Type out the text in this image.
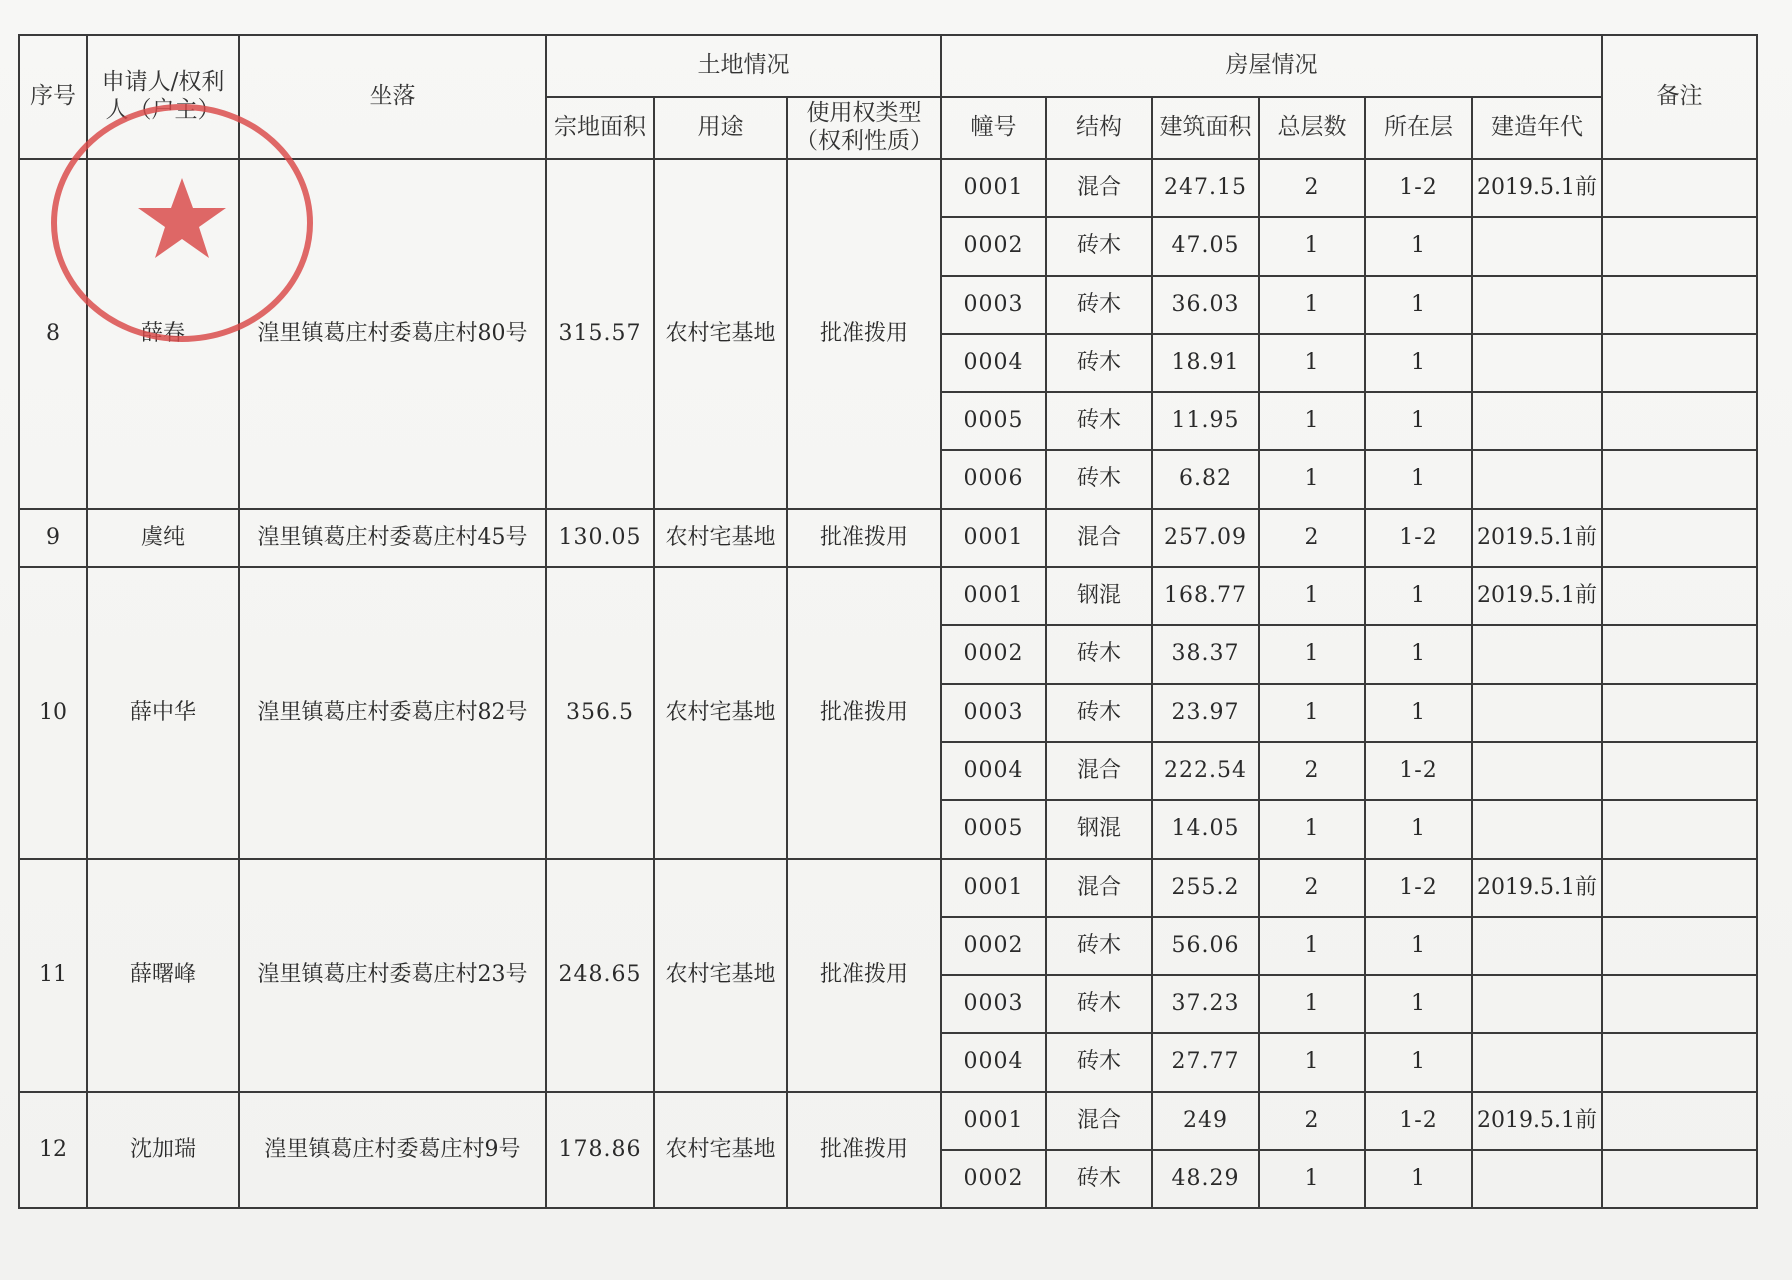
序号	申请人/权利人（户主）	坐落	土地情况			房屋情况						备注
			宗地面积	用途	使用权类型（权利性质）	幢号	结构	建筑面积	总层数	所在层	建造年代	
8	薛春	湟里镇葛庄村委葛庄村80号	315.57	农村宅基地	批准拨用	0001	混合	247.15	2	1-2	2019.5.1前	
						0002	砖木	47.05	1	1		
						0003	砖木	36.03	1	1		
						0004	砖木	18.91	1	1		
						0005	砖木	11.95	1	1		
						0006	砖木	6.82	1	1		
9	虞纯	湟里镇葛庄村委葛庄村45号	130.05	农村宅基地	批准拨用	0001	混合	257.09	2	1-2	2019.5.1前	
10	薛中华	湟里镇葛庄村委葛庄村82号	356.5	农村宅基地	批准拨用	0001	钢混	168.77	1	1	2019.5.1前	
						0002	砖木	38.37	1	1		
						0003	砖木	23.97	1	1		
						0004	混合	222.54	2	1-2		
						0005	钢混	14.05	1	1		
11	薛曙峰	湟里镇葛庄村委葛庄村23号	248.65	农村宅基地	批准拨用	0001	混合	255.2	2	1-2	2019.5.1前	
						0002	砖木	56.06	1	1		
						0003	砖木	37.23	1	1		
						0004	砖木	27.77	1	1		
12	沈加瑞	湟里镇葛庄村委葛庄村9号	178.86	农村宅基地	批准拨用	0001	混合	249	2	1-2	2019.5.1前	
						0002	砖木	48.29	1	1		
